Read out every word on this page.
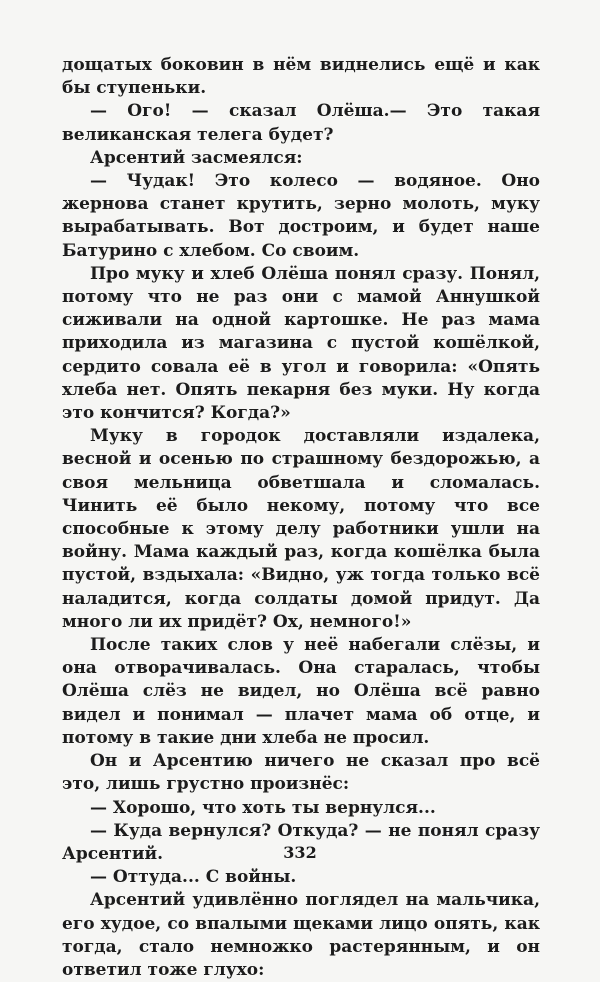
дощатых боковин в нём виднелись ещё и как бы ступеньки.

— Ого! — сказал Олёша.— Это такая великанская телега будет?

Арсентий засмеялся:

— Чудак! Это колесо — водяное. Оно жернова станет крутить, зерно молоть, муку вырабатывать. Вот достроим, и будет наше Батурино с хлебом. Со своим.

Про муку и хлеб Олёша понял сразу. Понял, потому что не раз они с мамой Аннушкой сиживали на одной картошке. Не раз мама приходила из магазина с пустой кошёлкой, сердито совала её в угол и говорила: «Опять хлеба нет. Опять пекарня без муки. Ну когда это кончится? Когда?»

Муку в городок доставляли издалека, весной и осенью по страшному бездорожью, а своя мельница обветшала и сломалась. Чинить её было некому, потому что все способные к этому делу работники ушли на войну. Мама каждый раз, когда кошёлка была пустой, вздыхала: «Видно, уж тогда только всё наладится, когда солдаты домой придут. Да много ли их придёт? Ох, немного!»

После таких слов у неё набегали слёзы, и она отворачивалась. Она старалась, чтобы Олёша слёз не видел, но Олёша всё равно видел и понимал — плачет мама об отце, и потому в такие дни хлеба не просил.

Он и Арсентию ничего не сказал про всё это, лишь грустно произнёс:

— Хорошо, что хоть ты вернулся...

— Куда вернулся? Откуда? — не понял сразу Арсентий.

— Оттуда... С войны.

Арсентий удивлённо поглядел на мальчика, его худое, со впалыми щеками лицо опять, как тогда, стало немножко растерянным, и он ответил тоже глухо:

332
